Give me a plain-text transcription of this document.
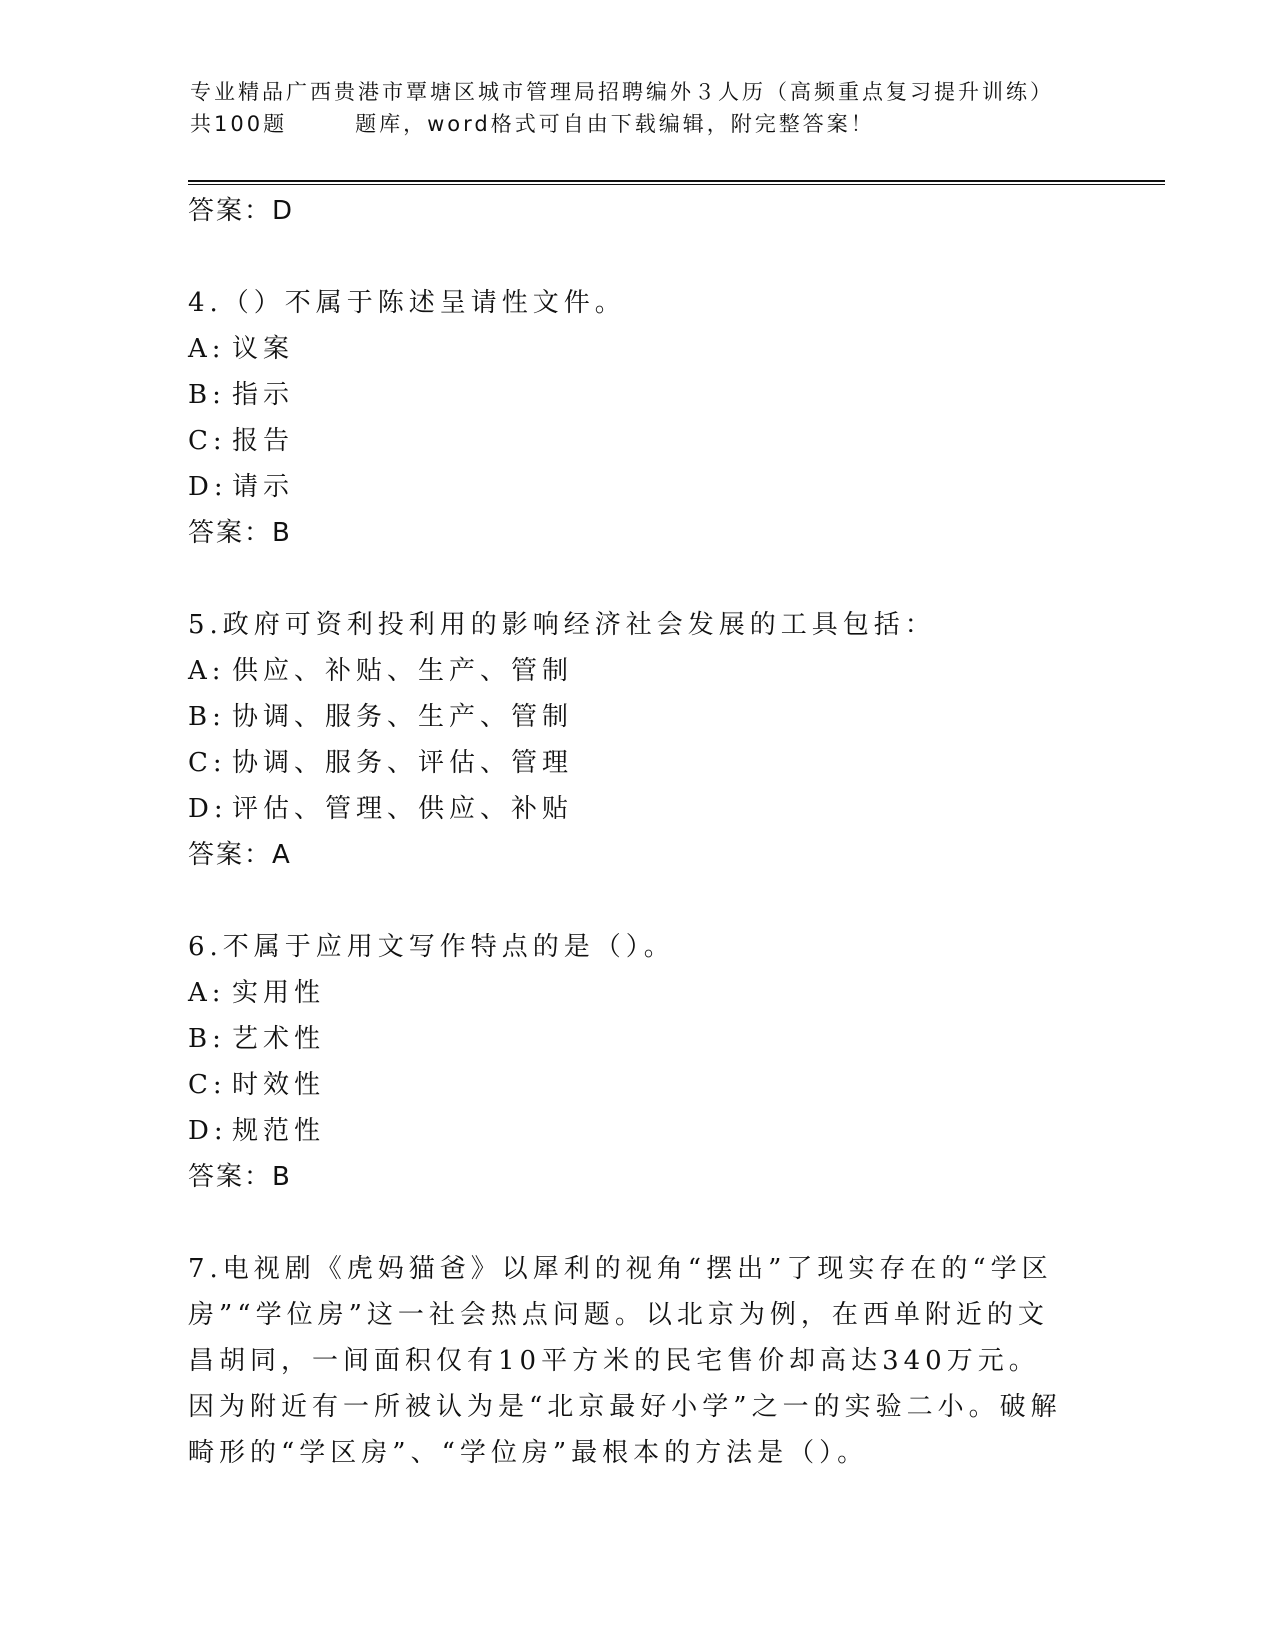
专业精品广西贵港市覃塘区城市管理局招聘编外３人历（高频重点复习提升训练）
共100题	题库，word格式可自由下载编辑，附完整答案！
答案：D
4.（）不属于陈述呈请性文件。
A: 议案
B: 指示
C: 报告
D: 请示
答案：B
5.政府可资利投利用的影响经济社会发展的工具包括：
A: 供应、补贴、生产、管制
B: 协调、服务、生产、管制
C: 协调、服务、评估、管理
D: 评估、管理、供应、补贴
答案：A
6.不属于应用文写作特点的是（）。
A: 实用性
B: 艺术性
C: 时效性
D: 规范性
答案：B
7.电视剧《虎妈猫爸》以犀利的视角“摆出”了现实存在的“学区房”“学位房”这一社会热点问题。以北京为例，在西单附近的文昌胡同，一间面积仅有10平方米的民宅售价却高达340万元。因为附近有一所被认为是“北京最好小学”之一的实验二小。破解畸形的“学区房”、“学位房”最根本的方法是（）。
